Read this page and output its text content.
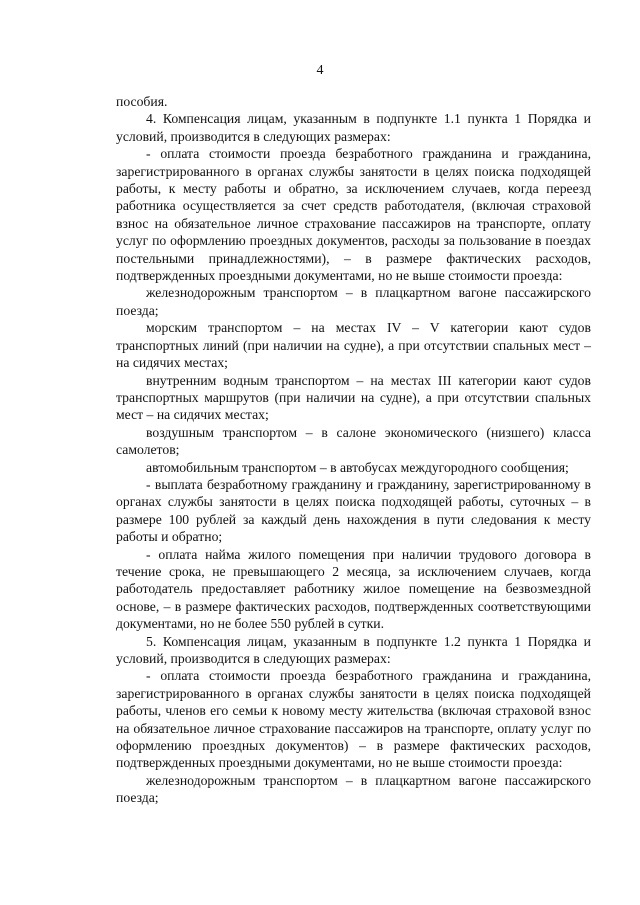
4

пособия.

4. Компенсация лицам, указанным в подпункте 1.1 пункта 1 Порядка и условий, производится в следующих размерах:

- оплата стоимости проезда безработного гражданина и гражданина, зарегистрированного в органах службы занятости в целях поиска подходящей работы, к месту работы и обратно, за исключением случаев, когда переезд работника осуществляется за счет средств работодателя, (включая страховой взнос на обязательное личное страхование пассажиров на транспорте, оплату услуг по оформлению проездных документов, расходы за пользование в поездах постельными принадлежностями), – в размере фактических расходов, подтвержденных проездными документами, но не выше стоимости проезда:

железнодорожным транспортом – в плацкартном вагоне пассажирского поезда;

морским транспортом – на местах IV – V категории кают судов транспортных линий (при наличии на судне), а при отсутствии спальных мест – на сидячих местах;

внутренним водным транспортом – на местах III категории кают судов транспортных маршрутов (при наличии на судне), а при отсутствии спальных мест – на сидячих местах;

воздушным транспортом – в салоне экономического (низшего) класса самолетов;

автомобильным транспортом – в автобусах междугородного сообщения;

- выплата безработному гражданину и гражданину, зарегистрированному в органах службы занятости в целях поиска подходящей работы, суточных – в размере 100 рублей за каждый день нахождения в пути следования к месту работы и обратно;

- оплата найма жилого помещения при наличии трудового договора в течение срока, не превышающего 2 месяца, за исключением случаев, когда работодатель предоставляет работнику жилое помещение на безвозмездной основе, – в размере фактических расходов, подтвержденных соответствующими документами, но не более 550 рублей в сутки.

5. Компенсация лицам, указанным в подпункте 1.2 пункта 1 Порядка и условий, производится в следующих размерах:

- оплата стоимости проезда безработного гражданина и гражданина, зарегистрированного в органах службы занятости в целях поиска подходящей работы, членов его семьи к новому месту жительства (включая страховой взнос на обязательное личное страхование пассажиров на транспорте, оплату услуг по оформлению проездных документов) – в размере фактических расходов, подтвержденных проездными документами, но не выше стоимости проезда:

железнодорожным транспортом – в плацкартном вагоне пассажирского поезда;
